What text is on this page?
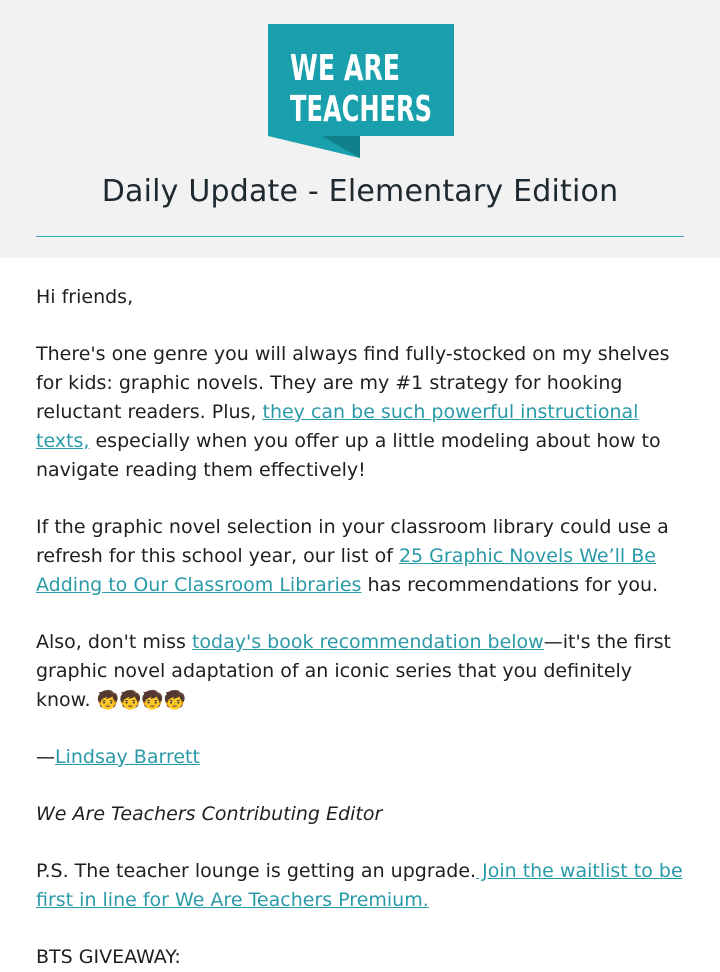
WE ARE
TEACHERS
Daily Update - Elementary Edition

Hi friends,

There's one genre you will always find fully-stocked on my shelves for kids: graphic novels. They are my #1 strategy for hooking reluctant readers. Plus, they can be such powerful instructional texts, especially when you offer up a little modeling about how to navigate reading them effectively!

If the graphic novel selection in your classroom library could use a refresh for this school year, our list of 25 Graphic Novels We’ll Be Adding to Our Classroom Libraries has recommendations for you.

Also, don't miss today's book recommendation below—it's the first graphic novel adaptation of an iconic series that you definitely know. 🧒🧒🧒🧒

—Lindsay Barrett

We Are Teachers Contributing Editor

P.S. The teacher lounge is getting an upgrade. Join the waitlist to be first in line for We Are Teachers Premium.

BTS GIVEAWAY:
